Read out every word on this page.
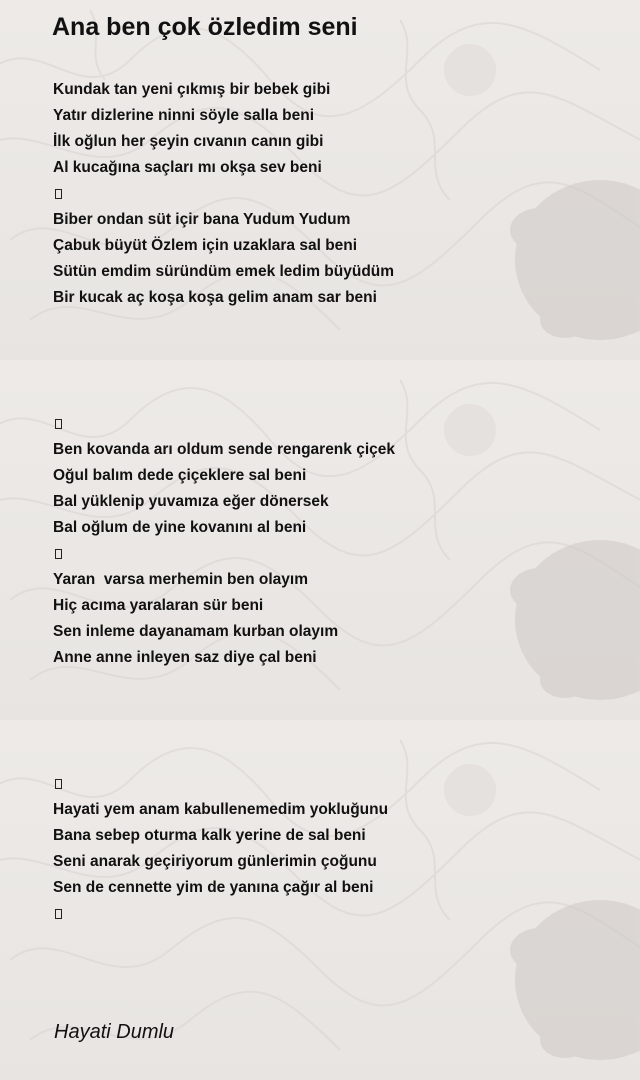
Ana ben çok özledim seni
Kundak tan yeni çıkmış bir bebek gibi
Yatır dizlerine ninni söyle salla beni
İlk oğlun her şeyin cıvanın canın gibi
Al kucağına saçları mı okşa sev beni
Biber ondan süt içir bana Yudum Yudum
Çabuk büyüt Özlem için uzaklara sal beni
Sütün emdim süründüm emek ledim büyüdüm
Bir kucak aç koşa koşa gelim anam sar beni
Ben kovanda arı oldum sende rengarenk çiçek
Oğul balım dede çiçeklere sal beni
Bal yüklenip yuvamıza eğer dönersek
Bal oğlum de yine kovanını al beni
Yaran  varsa merhemin ben olayım
Hiç acıma yaralaran sür beni
Sen inleme dayanamam kurban olayım
Anne anne inleyen saz diye çal beni
Hayati yem anam kabullenemedim yokluğunu
Bana sebep oturma kalk yerine de sal beni
Seni anarak geçiriyorum günlerimin çoğunu
Sen de cennette yim de yanına çağır al beni
Hayati Dumlu
